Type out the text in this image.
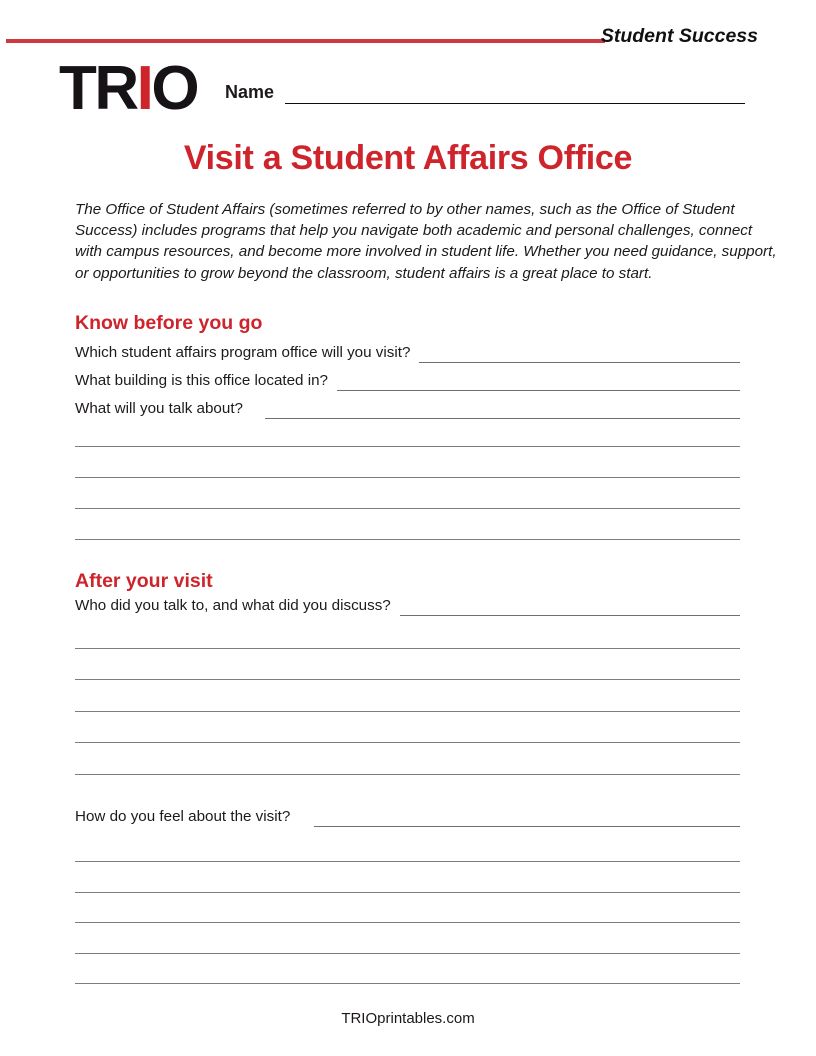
Student Success
TRIO Name
Visit a Student Affairs Office
The Office of Student Affairs (sometimes referred to by other names, such as the Office of Student
Success) includes programs that help you navigate both academic and personal challenges, connect
with campus resources, and become more involved in student life. Whether you need guidance, support,
or opportunities to grow beyond the classroom, student affairs is a great place to start.
Know before you go
Which student affairs program office will you visit?
What building is this office located in?
What will you talk about?
After your visit
Who did you talk to, and what did you discuss?
How do you feel about the visit?
TRIOprintables.com
